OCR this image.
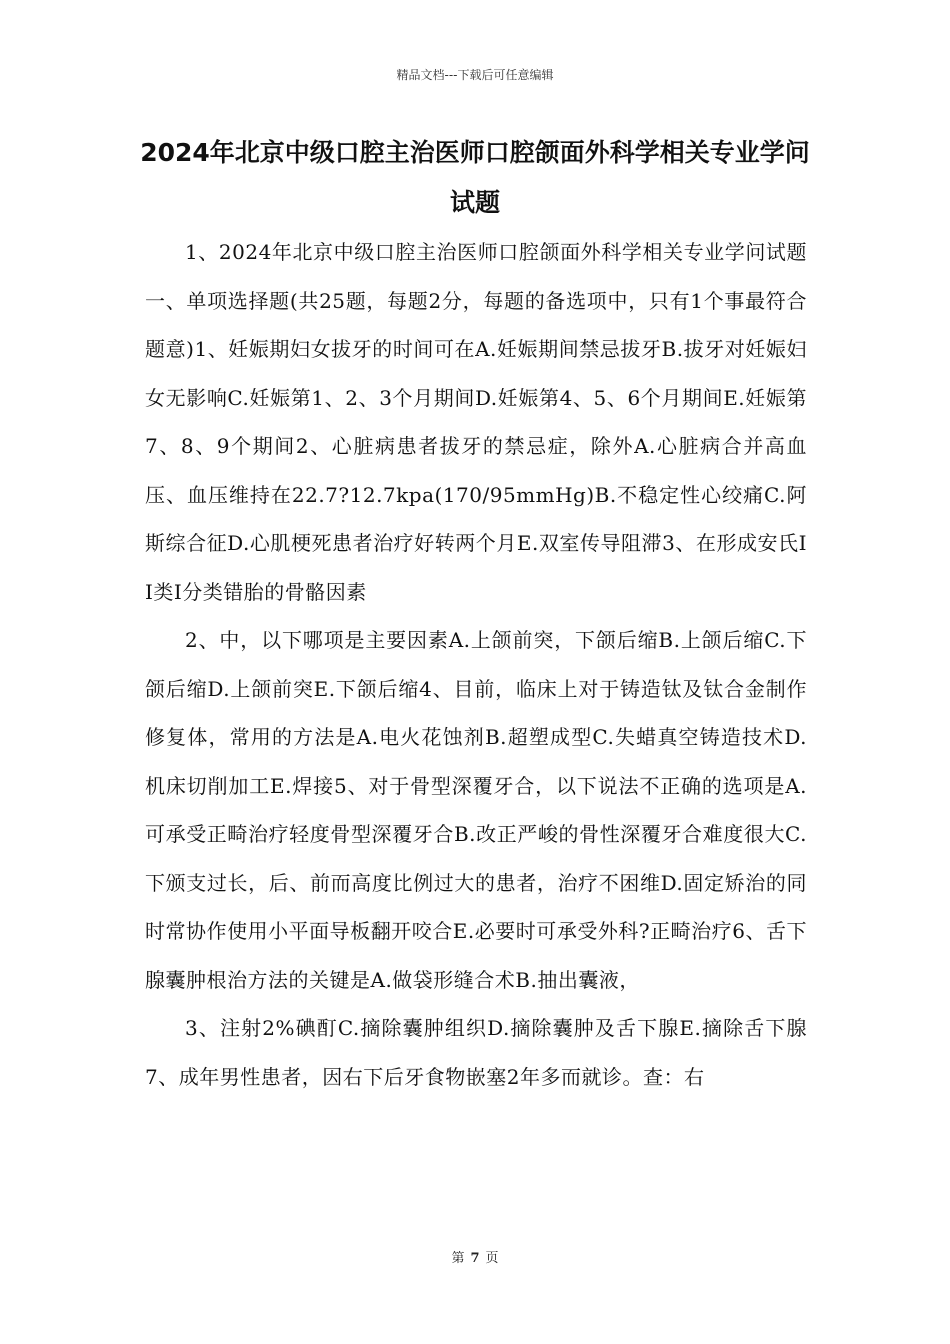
精品文档---下载后可任意编辑
2024年北京中级口腔主治医师口腔颌面外科学相关专业学问试题

1、2024年北京中级口腔主治医师口腔颌面外科学相关专业学问试题一、单项选择题(共25题，每题2分，每题的备选项中，只有1个事最符合题意)1、妊娠期妇女拔牙的时间可在A.妊娠期间禁忌拔牙B.拔牙对妊娠妇女无影响C.妊娠第1、2、3个月期间D.妊娠第4、5、6个月期间E.妊娠第7、8、9个期间2、心脏病患者拔牙的禁忌症，除外A.心脏病合并高血压、血压维持在22.7?12.7kpa(170/95mmHg)B.不稳定性心绞痛C.阿斯综合征D.心肌梗死患者治疗好转两个月E.双室传导阻滞3、在形成安氏II类I分类错胎的骨骼因素

2、中，以下哪项是主要因素A.上颌前突，下颌后缩B.上颌后缩C.下颌后缩D.上颌前突E.下颌后缩4、目前，临床上对于铸造钛及钛合金制作修复体，常用的方法是A.电火花蚀剂B.超塑成型C.失蜡真空铸造技术D.机床切削加工E.焊接5、对于骨型深覆牙合，以下说法不正确的选项是A.可承受正畸治疗轻度骨型深覆牙合B.改正严峻的骨性深覆牙合难度很大C.下颁支过长，后、前而高度比例过大的患者，治疗不困维D.固定矫治的同时常协作使用小平面导板翻开咬合E.必要时可承受外科?正畸治疗6、舌下腺囊肿根治方法的关键是A.做袋形缝合术B.抽出囊液，

3、注射2%碘酊C.摘除囊肿组织D.摘除囊肿及舌下腺E.摘除舌下腺7、成年男性患者，因右下后牙食物嵌塞2年多而就诊。查：右

第 7 页
